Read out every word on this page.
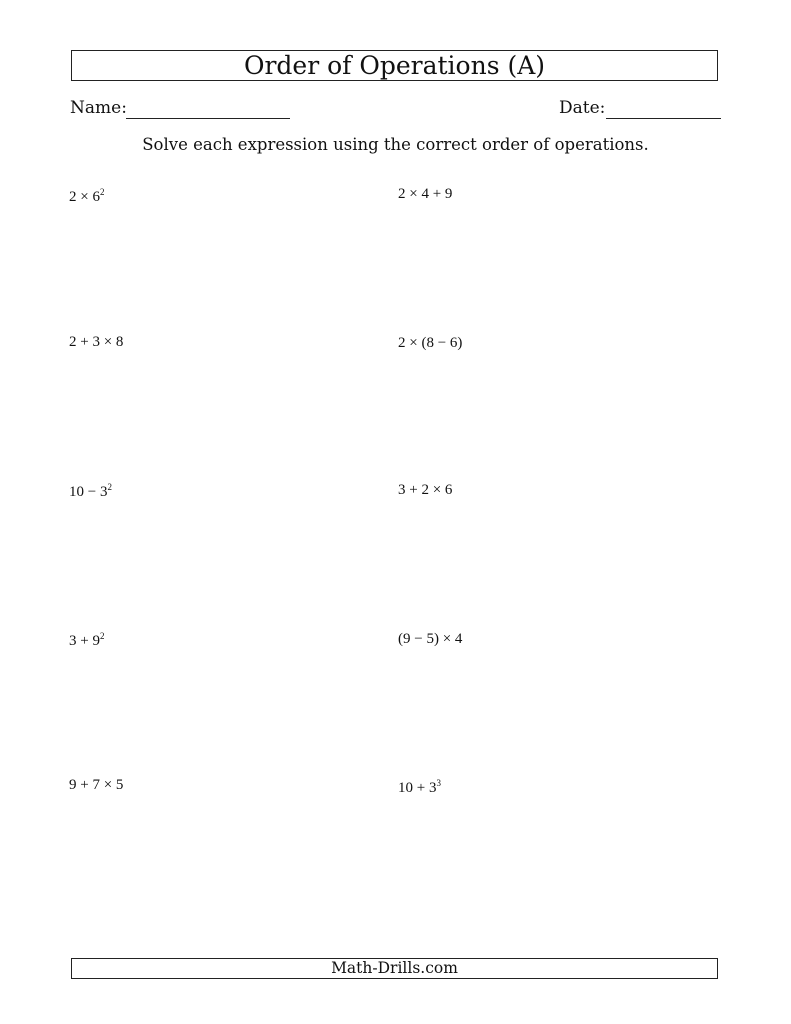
Order of Operations (A)
Name:	Date:
Solve each expression using the correct order of operations.
$2 \times 6^2$
2 + 3 × 8
$10 - 3^2$
$3 + 9^2$
9 + 7 × 5
2 × 4 + 9
2 × (8 − 6)
3 + 2 × 6
(9 − 5) × 4
$10 + 3^3$
Math-Drills.com
